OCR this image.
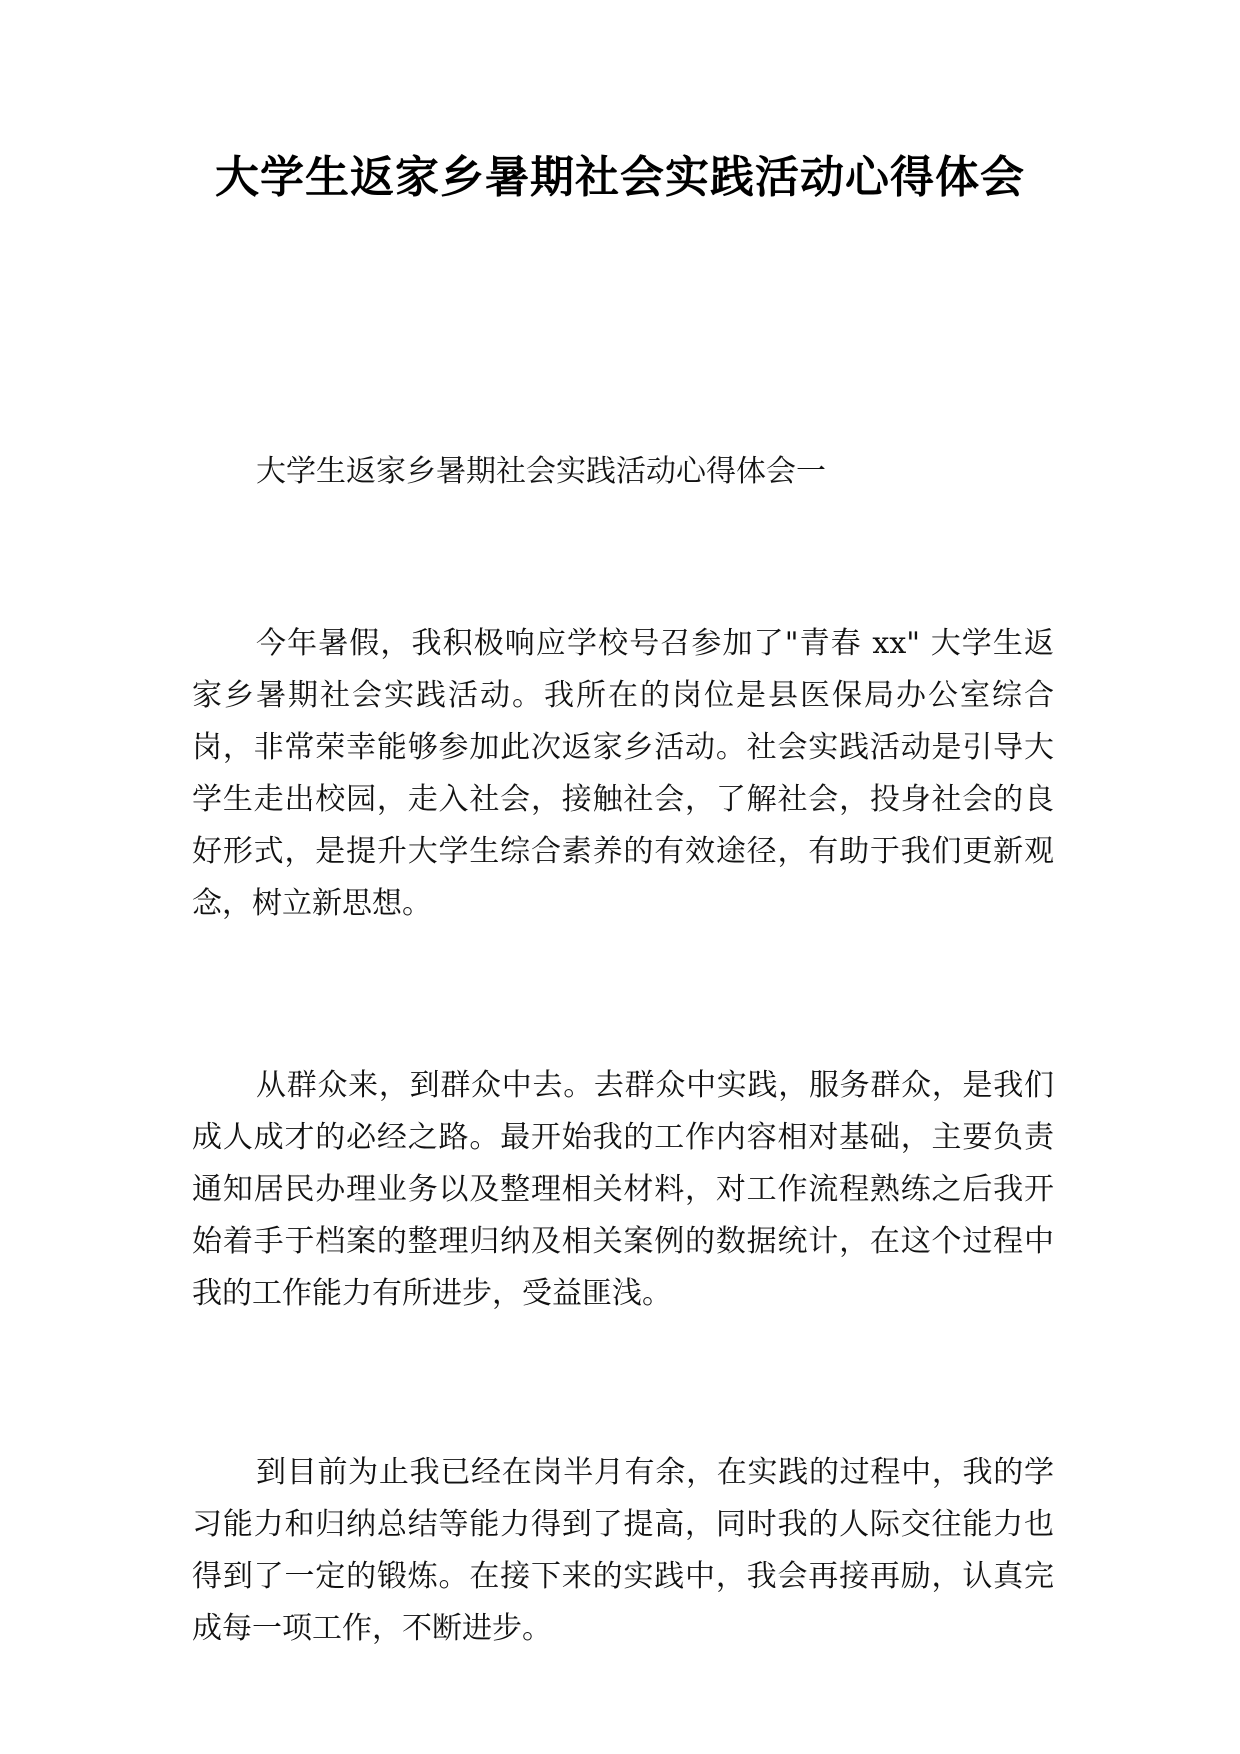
大学生返家乡暑期社会实践活动心得体会

大学生返家乡暑期社会实践活动心得体会一

今年暑假，我积极响应学校号召参加了"青春 xx" 大学生返家乡暑期社会实践活动。我所在的岗位是县医保局办公室综合岗，非常荣幸能够参加此次返家乡活动。社会实践活动是引导大学生走出校园，走入社会，接触社会，了解社会，投身社会的良好形式，是提升大学生综合素养的有效途径，有助于我们更新观念，树立新思想。

从群众来，到群众中去。去群众中实践，服务群众，是我们成人成才的必经之路。最开始我的工作内容相对基础，主要负责通知居民办理业务以及整理相关材料，对工作流程熟练之后我开始着手于档案的整理归纳及相关案例的数据统计，在这个过程中我的工作能力有所进步，受益匪浅。

到目前为止我已经在岗半月有余，在实践的过程中，我的学习能力和归纳总结等能力得到了提高，同时我的人际交往能力也得到了一定的锻炼。在接下来的实践中，我会再接再励，认真完成每一项工作，不断进步。
